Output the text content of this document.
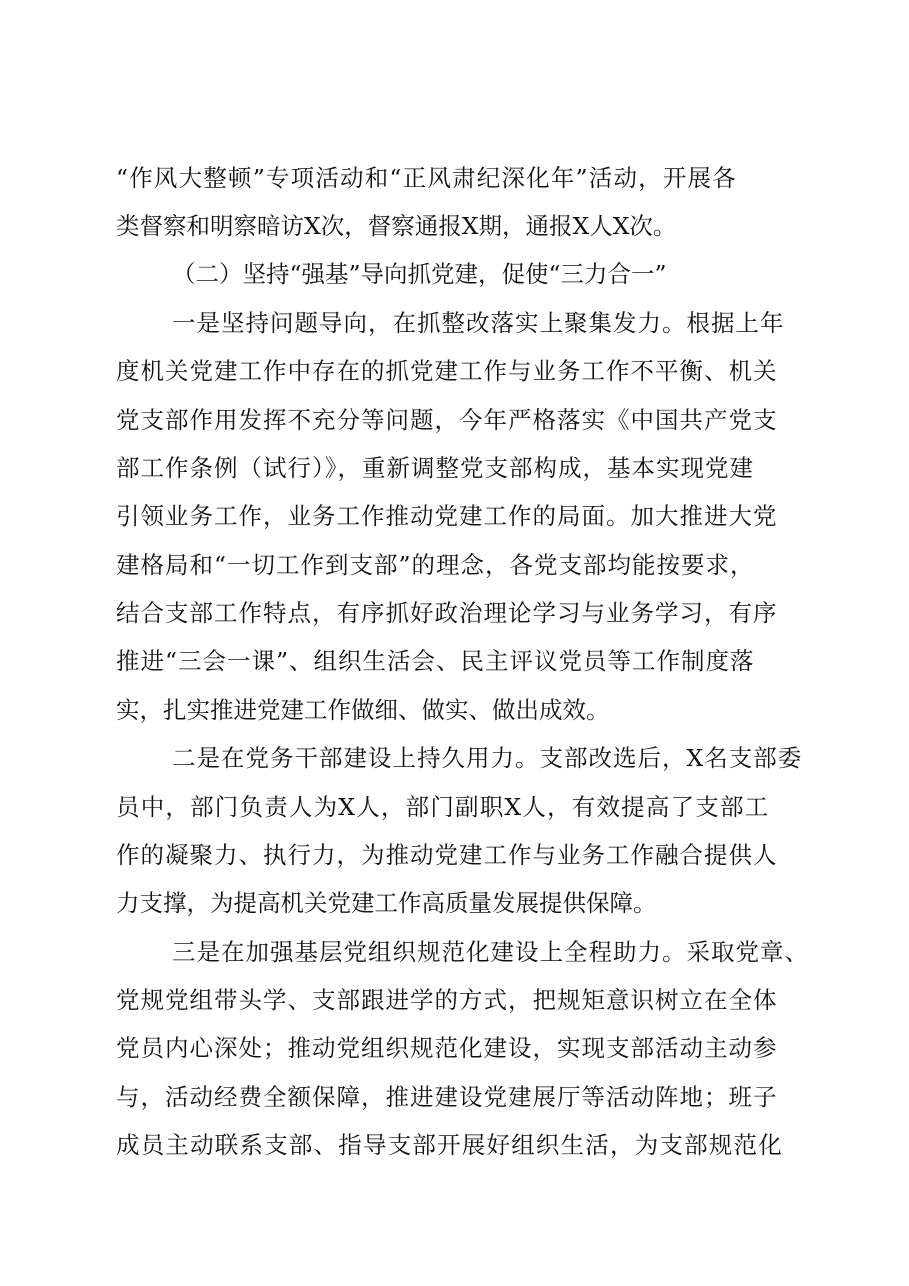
“作风大整顿”专项活动和“正风肃纪深化年”活动，开展各
类督察和明察暗访X次，督察通报X期，通报X人X次。
（二）坚持“强基”导向抓党建，促使“三力合一”
一是坚持问题导向，在抓整改落实上聚集发力。根据上年
度机关党建工作中存在的抓党建工作与业务工作不平衡、机关
党支部作用发挥不充分等问题，今年严格落实《中国共产党支
部工作条例（试行）》，重新调整党支部构成，基本实现党建
引领业务工作，业务工作推动党建工作的局面。加大推进大党
建格局和“一切工作到支部”的理念，各党支部均能按要求，
结合支部工作特点，有序抓好政治理论学习与业务学习，有序
推进“三会一课”、组织生活会、民主评议党员等工作制度落
实，扎实推进党建工作做细、做实、做出成效。
二是在党务干部建设上持久用力。支部改选后，X名支部委
员中，部门负责人为X人，部门副职X人，有效提高了支部工
作的凝聚力、执行力，为推动党建工作与业务工作融合提供人
力支撑，为提高机关党建工作高质量发展提供保障。
三是在加强基层党组织规范化建设上全程助力。采取党章、
党规党组带头学、支部跟进学的方式，把规矩意识树立在全体
党员内心深处；推动党组织规范化建设，实现支部活动主动参
与，活动经费全额保障，推进建设党建展厅等活动阵地；班子
成员主动联系支部、指导支部开展好组织生活，为支部规范化
